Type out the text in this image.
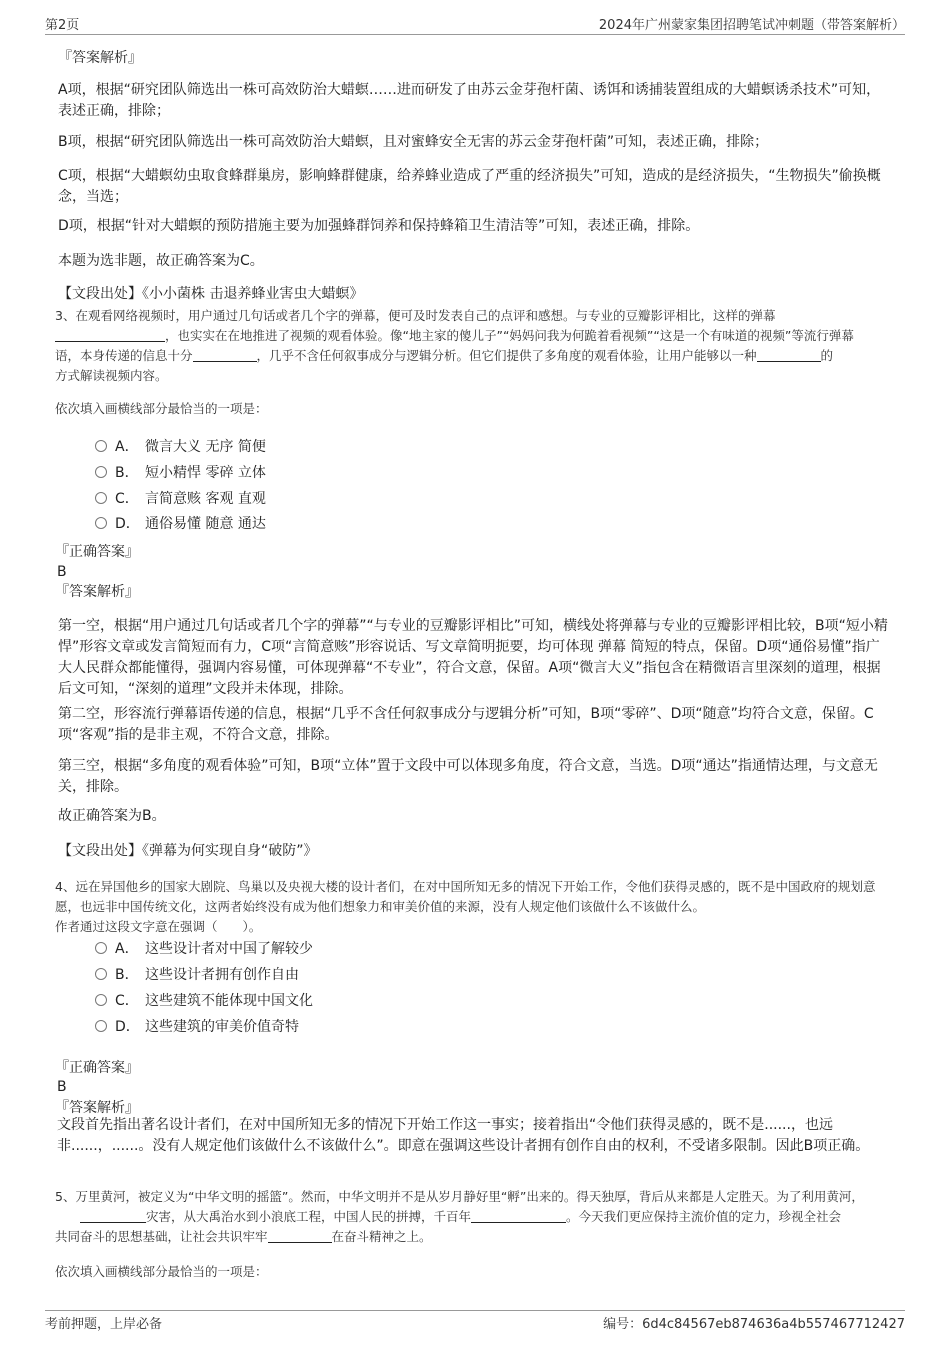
第2页	2024年广州蒙家集团招聘笔试冲刺题（带答案解析）
『答案解析』
A项，根据“研究团队筛选出一株可高效防治大蜡螟……进而研发了由苏云金芽孢杆菌、诱饵和诱捕装置组成的大蜡螟诱杀技术”可知，表述正确，排除；
B项，根据“研究团队筛选出一株可高效防治大蜡螟，且对蜜蜂安全无害的苏云金芽孢杆菌”可知，表述正确，排除；
C项，根据“大蜡螟幼虫取食蜂群巢房，影响蜂群健康，给养蜂业造成了严重的经济损失”可知，造成的是经济损失，“生物损失”偷换概念，当选；
D项，根据“针对大蜡螟的预防措施主要为加强蜂群饲养和保持蜂箱卫生清洁等”可知，表述正确，排除。
本题为选非题，故正确答案为C。
【文段出处】《小小菌株 击退养蜂业害虫大蜡螟》
3、在观看网络视频时，用户通过几句话或者几个字的弹幕，便可及时发表自己的点评和感想。与专业的豆瓣影评相比，这样的弹幕
，也实实在在地推进了视频的观看体验。像“地主家的傻儿子”“妈妈问我为何跪着看视频”“这是一个有味道的视频”等流行弹幕
语，本身传递的信息十分	，几乎不含任何叙事成分与逻辑分析。但它们提供了多角度的观看体验，让用户能够以一种	的
方式解读视频内容。
依次填入画横线部分最恰当的一项是：
A． 微言大义 无序 简便
B． 短小精悍 零碎 立体
C． 言简意赅 客观 直观
D． 通俗易懂 随意 通达
『正确答案』
B
『答案解析』
第一空，根据“用户通过几句话或者几个字的弹幕”“与专业的豆瓣影评相比”可知，横线处将弹幕与专业的豆瓣影评相比较，B项“短小精悍”形容文章或发言简短而有力，C项“言简意赅”形容说话、写文章简明扼要，均可体现 弹幕 简短的特点，保留。D项“通俗易懂”指广大人民群众都能懂得，强调内容易懂，可体现弹幕“不专业”，符合文意，保留。A项“微言大义”指包含在精微语言里深刻的道理，根据后文可知，“深刻的道理”文段并未体现，排除。
第二空，形容流行弹幕语传递的信息，根据“几乎不含任何叙事成分与逻辑分析”可知，B项“零碎”、D项“随意”均符合文意，保留。C项“客观”指的是非主观，不符合文意，排除。
第三空，根据“多角度的观看体验”可知，B项“立体”置于文段中可以体现多角度，符合文意，当选。D项“通达”指通情达理，与文意无关，排除。
故正确答案为B。
【文段出处】《弹幕为何实现自身“破防”》
4、远在异国他乡的国家大剧院、鸟巢以及央视大楼的设计者们，在对中国所知无多的情况下开始工作，令他们获得灵感的，既不是中国政府的规划意愿，也远非中国传统文化，这两者始终没有成为他们想象力和审美价值的来源，没有人规定他们该做什么不该做什么。
作者通过这段文字意在强调（　　）。
A． 这些设计者对中国了解较少
B． 这些设计者拥有创作自由
C． 这些建筑不能体现中国文化
D． 这些建筑的审美价值奇特
『正确答案』
B
『答案解析』
文段首先指出著名设计者们，在对中国所知无多的情况下开始工作这一事实；接着指出“令他们获得灵感的，既不是......，也远非......，......。没有人规定他们该做什么不该做什么”。即意在强调这些设计者拥有创作自由的权利，不受诸多限制。因此B项正确。
5、万里黄河，被定义为“中华文明的摇篮”。然而，中华文明并不是从岁月静好里“孵”出来的。得天独厚，背后从来都是人定胜天。为了利用黄河，
灾害，从大禹治水到小浪底工程，中国人民的拼搏，千百年	。今天我们更应保持主流价值的定力，珍视全社会
共同奋斗的思想基础，让社会共识牢牢	在奋斗精神之上。
依次填入画横线部分最恰当的一项是：
考前押题，上岸必备	编号：6d4c84567eb874636a4b557467712427
